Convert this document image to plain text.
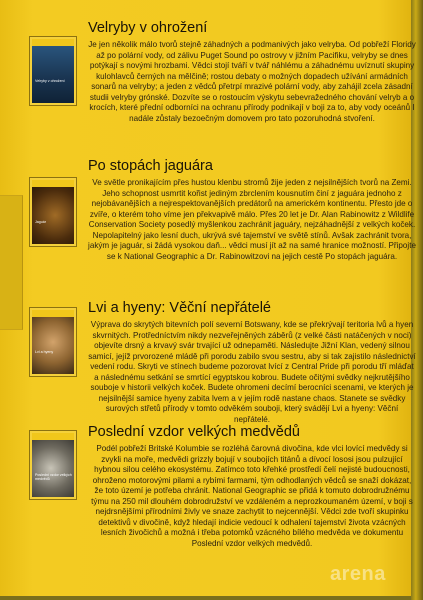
Velryby v ohrožení
Jaguár
Lvi a hyeny
Poslední vzdor velkých medvědů
Velryby v ohrožení

Je jen několik málo tvorů stejně záhadných a podmanivých jako velryba. Od pobřeží Floridy až po polární vody, od zálivu Puget Sound po ostrovy v jižním Pacifiku, velryby se dnes potýkají s novými hrozbami. Vědci stojí tváří v tvář náhlému a záhadnému uvíznutí skupiny kulohlavců černých na mělčině; rostou debaty o možných dopadech užívání armádních sonarů na velryby; a jeden z vědců přetrpí mrazivé polární vody, aby zahájil zcela zásadní studii velryby grónské. Dozvíte se o rostoucím výskytu sebevražedného chování velryb a o krocích, které přední odborníci na ochranu přírody podnikají v boji za to, aby vody oceánů I nadále zůstaly bezoečným domovem pro tato pozoruhodná stvoření.

Po stopách jaguára

Ve světle pronikajícím přes hustou klenbu stromů žije jeden z nejsilnějších tvorů na Zemi. Jeho schopnost usmrtit kořist jediným zbrclením kousnutím činí z jaguára jednoho z nejobávanějších a nejrespektovanějších predátorů na americkém kontinentu. Přesto jde o zvíře, o kterém toho víme jen překvapivě málo. Přes 20 let je Dr. Alan Rabinowitz z Wildlife Conservation Society posedlý myšlenkou zachránit jaguáry, nejzáhadnější z velkých koček. Nepolapitelný jako lesní duch, ukrývá své tajemství ve světě stínů. Avšak zachránit tvora, jakým je jaguár, si žádá vysokou daň... vědci musí jít až na samé hranice možností. Připojte se k National Geographic a Dr. Rabinowitzovi na jejich cestě Po stopách jaguára.

Lvi a hyeny: Věční nepřátelé

Výprava do skrytých bitevních polí severní Botswany, kde se překrývají teritoria lvů a hyen skvrnitých. Protředníctvím nikdy nezveřejněných záběrů (z velké části natáčených v noci) objevíte drsný a krvavý svár trvající už odnepaměti. Následujte Jižní Klan, vedený silnou samicí, jejíž prvorozené mládě při porodu zabilo svou sestru, aby si tak zajistilo následnictví vedení rodu. Skryti ve stínech budeme pozorovat lvící z Central Pride při porodu tří mláďat a následnému setkání se smrtící egyptskou kobrou. Budete očitými svědky nejkrutějšího souboje v historii velkých koček. Budete ohromeni decímí berocníci scenami, ve kterých je nejsilnější samice hyeny zabita lvem a v jejím rodě nastane chaos. Stanete se svědky surových střetů přírody v tomto odvěkém souboji, který svádějí Lvi a hyeny: Věční nepřátelé.

Poslední vzdor velkých medvědů

Podél pobřeží Britské Kolumbie se rozléhá čarovná divočina, kde vlci lovící medvědy si zvykli na moře, medvědi grizzly bojují v soubojích titánů a dívocí lososi jsou pulzující hybnou silou celého ekosystému. Zatímco toto křehké prostředí čelí nejisté budoucnosti, ohroženo motorovými pilami a rybími farmami, tým odhodlaných vědců se snaží dokázat, že toto území je potřeba chránit. National Geographic se přidá k tomuto dobrodružnému týmu na 250 mil dlouhém dobrodružství ve vzdáleném a neprozkoumaném území, v boji s nejdrsnějšími přírodními živly ve snaze zachytit to nejcennější. Vědci zde tvoří skupinku detektivů v divočině, když hledají indicie vedoucí k odhalení tajemství života vzácných lesních živočichů a možná i třeba potomků vzácného bílého medvěda ve dokumentu Poslední vzdor velkých medvědů.

arena
